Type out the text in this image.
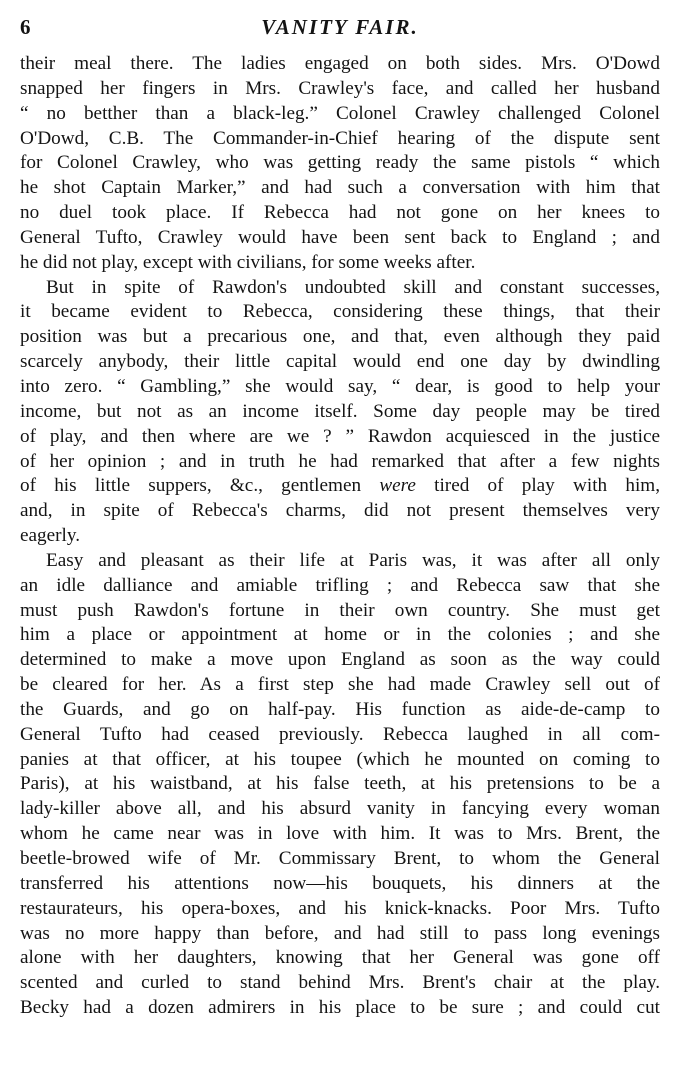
6	VANITY FAIR.
their meal there. The ladies engaged on both sides. Mrs. O'Dowd
snapped her fingers in Mrs. Crawley's face, and called her husband
“ no betther than a black-leg.” Colonel Crawley challenged Colonel
O'Dowd, C.B. The Commander-in-Chief hearing of the dispute sent
for Colonel Crawley, who was getting ready the same pistols “ which
he shot Captain Marker,” and had such a conversation with him that
no duel took place. If Rebecca had not gone on her knees to
General Tufto, Crawley would have been sent back to England ; and
he did not play, except with civilians, for some weeks after.
But in spite of Rawdon's undoubted skill and constant successes,
it became evident to Rebecca, considering these things, that their
position was but a precarious one, and that, even although they paid
scarcely anybody, their little capital would end one day by dwindling
into zero. “ Gambling,” she would say, “ dear, is good to help your
income, but not as an income itself. Some day people may be tired
of play, and then where are we ? ” Rawdon acquiesced in the justice
of her opinion ; and in truth he had remarked that after a few nights
of his little suppers, &c., gentlemen were tired of play with him,
and, in spite of Rebecca's charms, did not present themselves very
eagerly.
Easy and pleasant as their life at Paris was, it was after all only
an idle dalliance and amiable trifling ; and Rebecca saw that she
must push Rawdon's fortune in their own country. She must get
him a place or appointment at home or in the colonies ; and she
determined to make a move upon England as soon as the way could
be cleared for her. As a first step she had made Crawley sell out of
the Guards, and go on half-pay. His function as aide-de-camp to
General Tufto had ceased previously. Rebecca laughed in all com-
panies at that officer, at his toupee (which he mounted on coming to
Paris), at his waistband, at his false teeth, at his pretensions to be a
lady-killer above all, and his absurd vanity in fancying every woman
whom he came near was in love with him. It was to Mrs. Brent, the
beetle-browed wife of Mr. Commissary Brent, to whom the General
transferred his attentions now—his bouquets, his dinners at the
restaurateurs, his opera-boxes, and his knick-knacks. Poor Mrs. Tufto
was no more happy than before, and had still to pass long evenings
alone with her daughters, knowing that her General was gone off
scented and curled to stand behind Mrs. Brent's chair at the play.
Becky had a dozen admirers in his place to be sure ; and could cut
